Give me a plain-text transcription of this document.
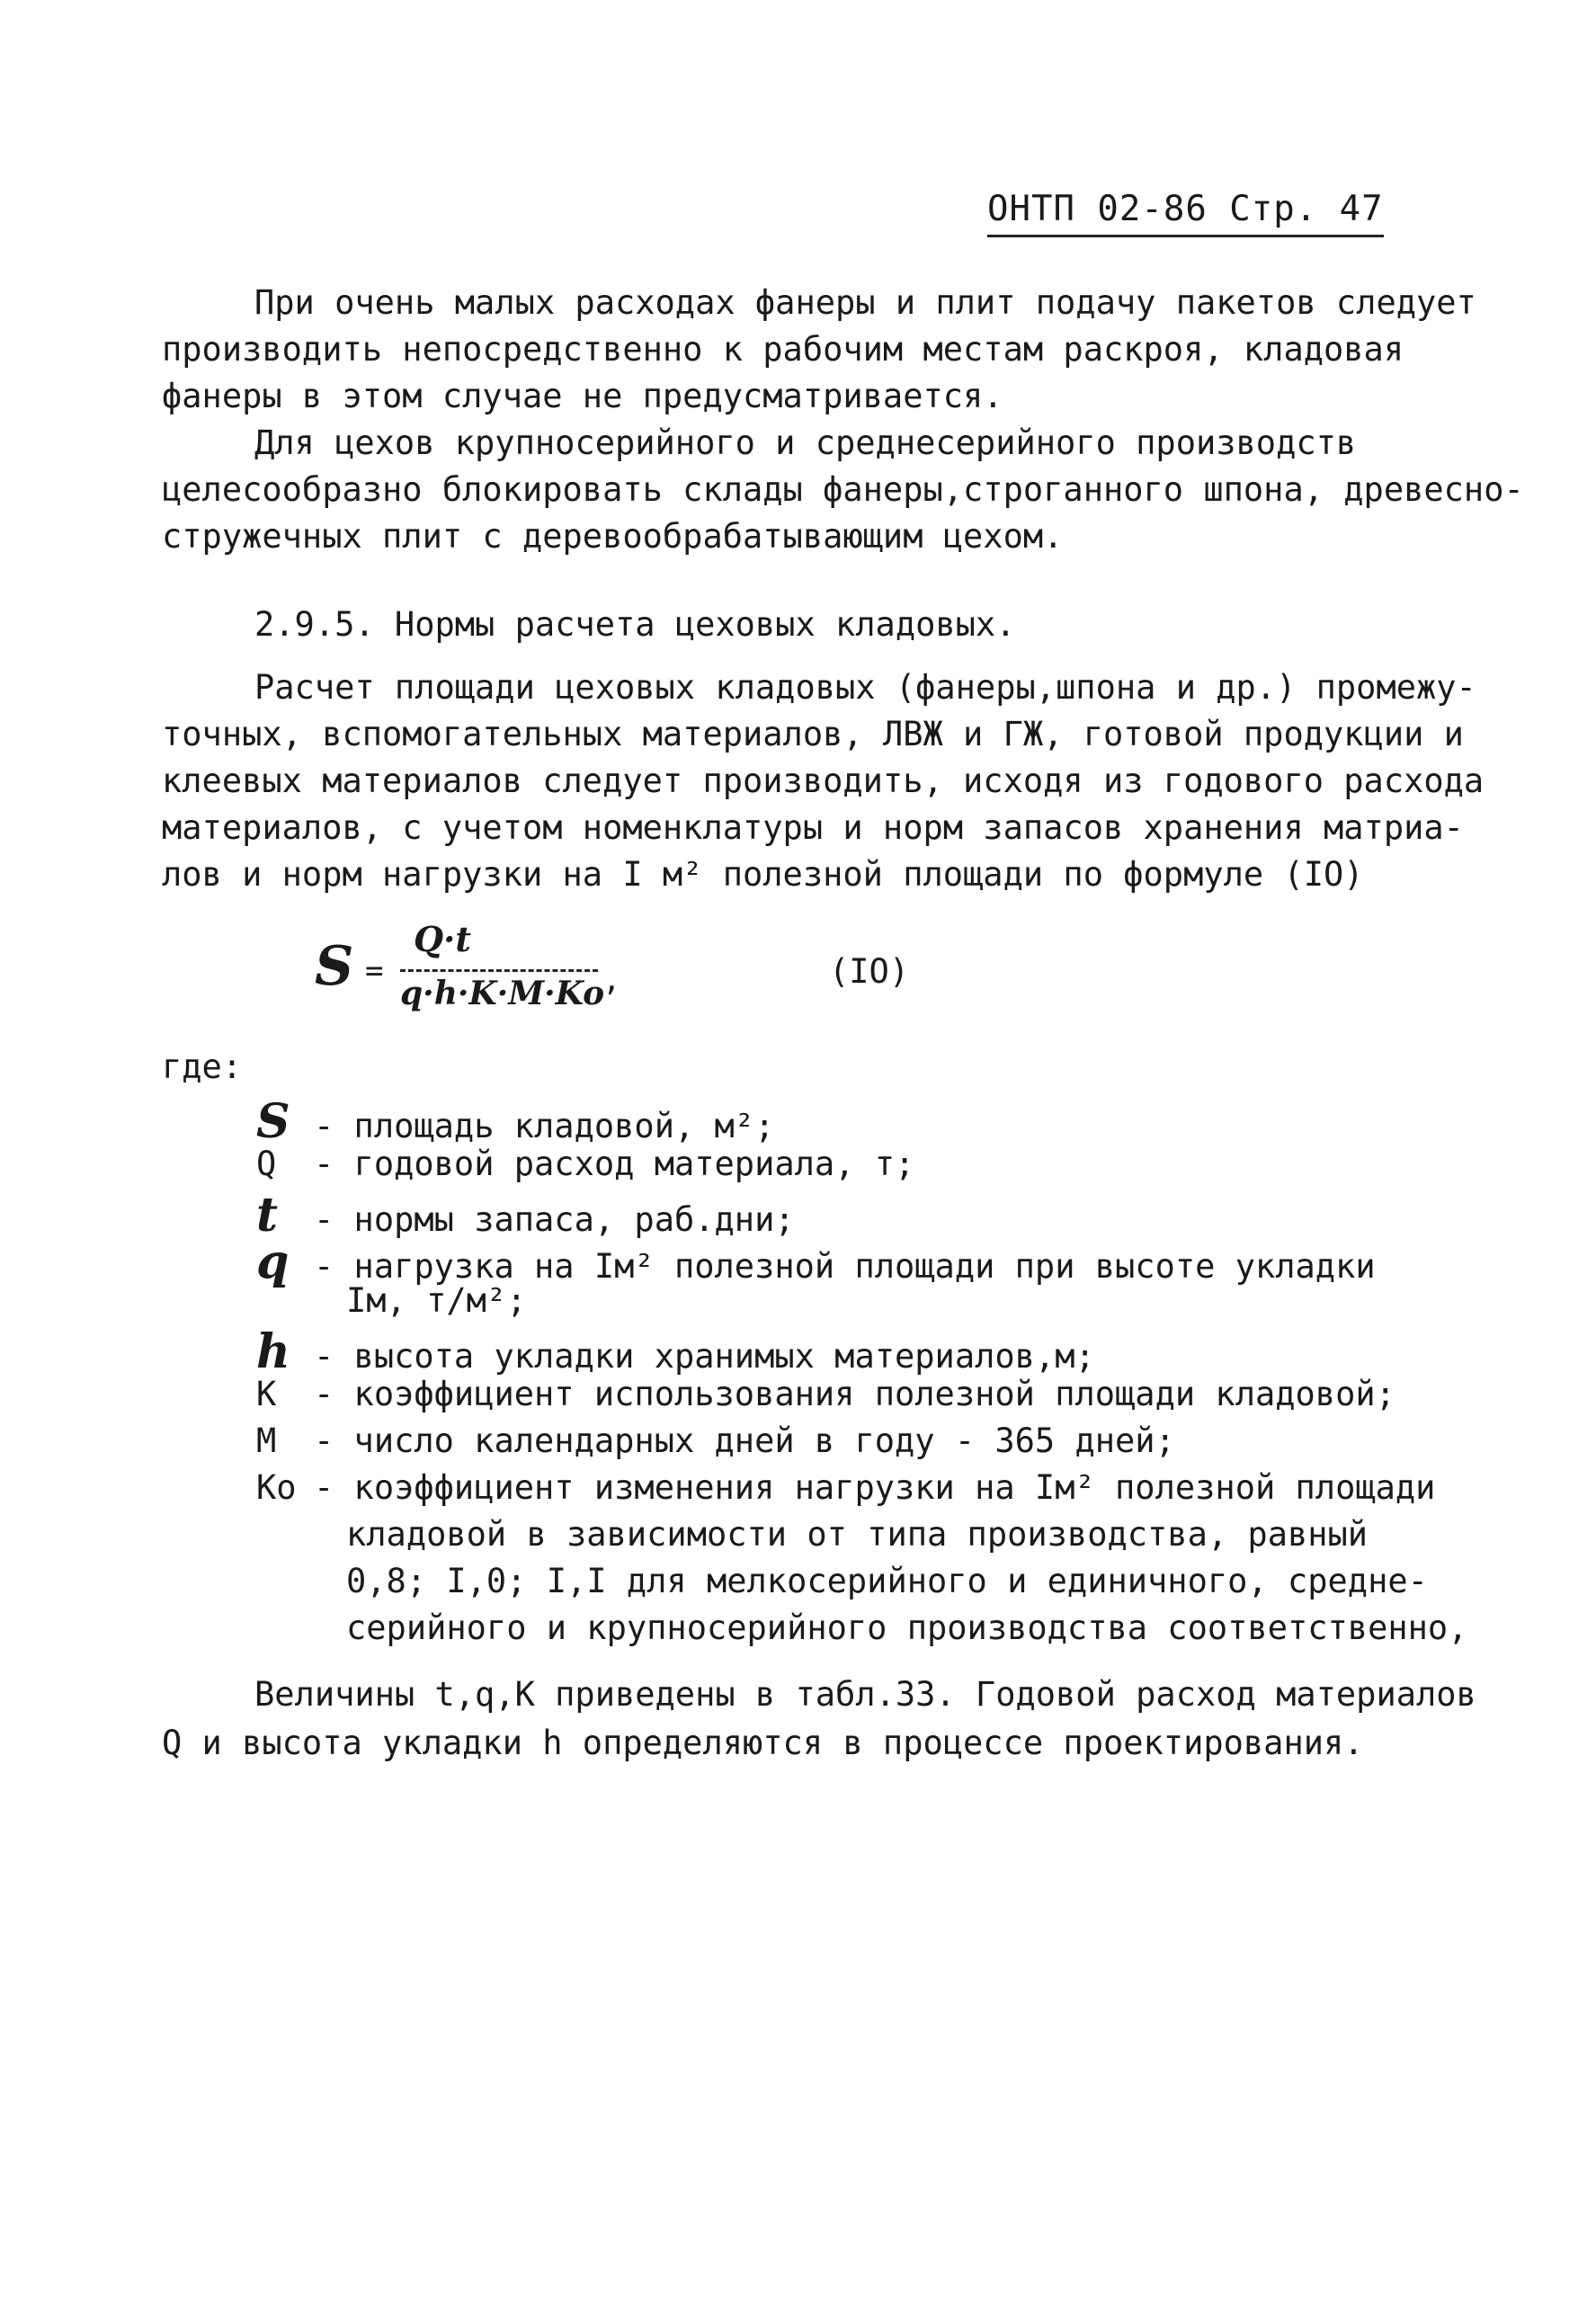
ОНТП 02-86 Стр. 47
При очень малых расходах фанеры и плит подачу пакетов следует
производить непосредственно к рабочим местам раскроя, кладовая
фанеры в этом случае не предусматривается.
Для цехов крупносерийного и среднесерийного производств
целесообразно блокировать склады фанеры,строганного шпона, древесно-
стружечных плит с деревообрабатывающим цехом.
2.9.5. Нормы расчета цеховых кладовых.
Расчет площади цеховых кладовых (фанеры,шпона и др.) промежу-
точных, вспомогательных материалов, ЛВЖ и ГЖ, готовой продукции и
клеевых материалов следует производить, исходя из годового расхода
материалов, с учетом номенклатуры и норм запасов хранения матриа-
лов и норм нагрузки на I м² полезной площади по формуле (IO)
S =
Q·t
q·h·K·M·Ko
,	(IO)
где:
S - площадь кладовой, м²;
Q - годовой расход материала, т;
t - нормы запаса, раб.дни;
q - нагрузка на Iм² полезной площади при высоте укладки
Iм, т/м²;
h - высота укладки хранимых материалов,м;
К - коэффициент использования полезной площади кладовой;
М - число календарных дней в году - 365 дней;
Ко - коэффициент изменения нагрузки на Iм² полезной площади
кладовой в зависимости от типа производства, равный
0,8; I,0; I,I для мелкосерийного и единичного, средне-
серийного и крупносерийного производства соответственно,
Величины t,q,К приведены в табл.33. Годовой расход материалов
Q и высота укладки h определяются в процессе проектирования.
